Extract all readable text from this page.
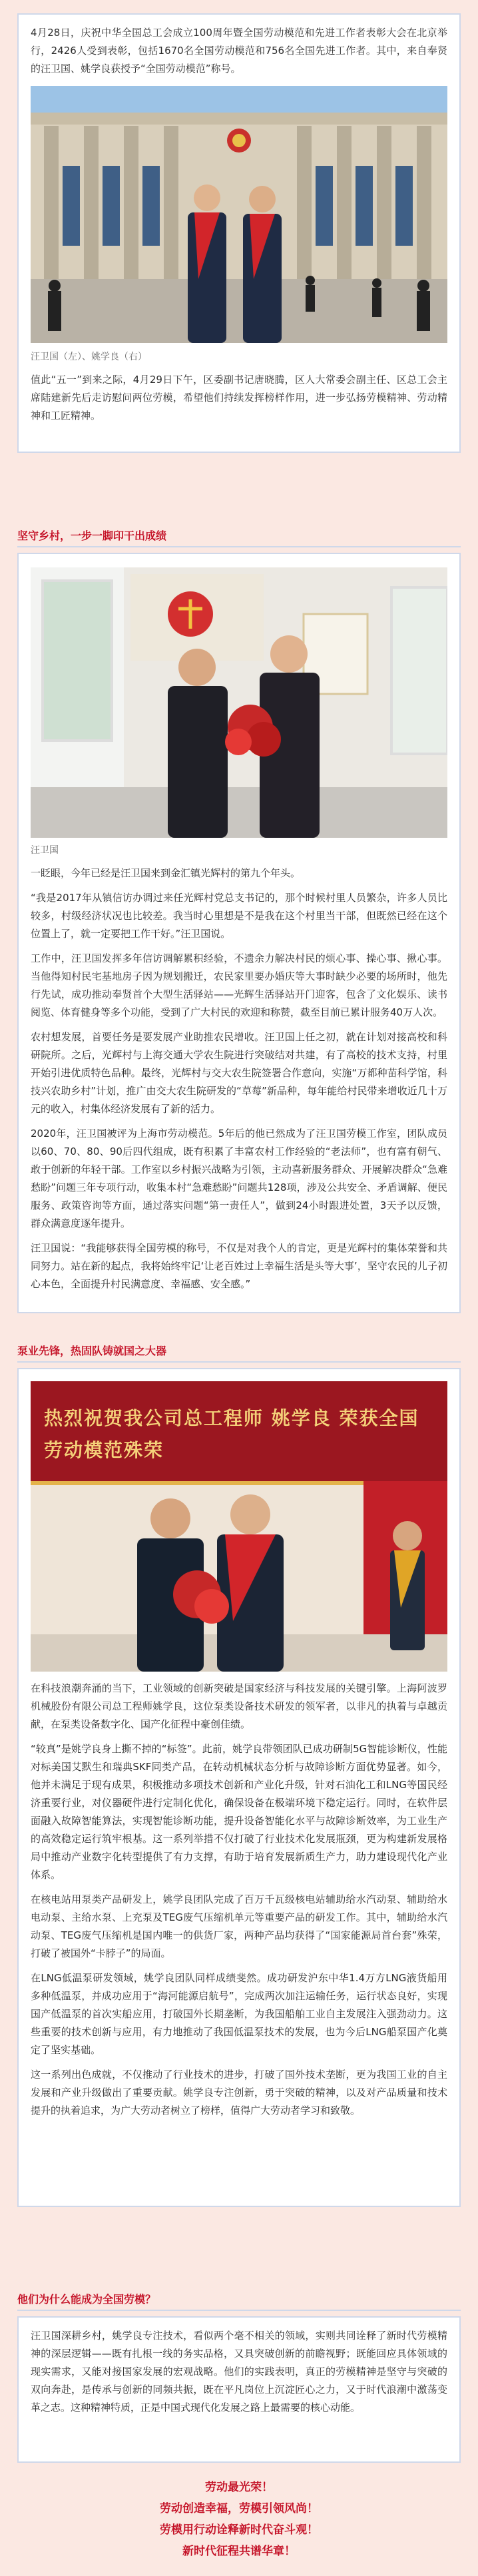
4月28日，庆祝中华全国总工会成立100周年暨全国劳动模范和先进工作者表彰大会在北京举行，2426人受到表彰，包括1670名全国劳动模范和756名全国先进工作者。其中，来自奉贤的汪卫国、姚学良获授予“全国劳动模范”称号。

汪卫国（左）、姚学良（右）

值此“五一”到来之际，4月29日下午，区委副书记唐晓腾，区人大常委会副主任、区总工会主席陆建新先后走访慰问两位劳模，希望他们持续发挥榜样作用，进一步弘扬劳模精神、劳动精神和工匠精神。

坚守乡村，一步一脚印干出成绩
汪卫国

一眨眼，今年已经是汪卫国来到金汇镇光辉村的第九个年头。

“我是2017年从镇信访办调过来任光辉村党总支书记的，那个时候村里人员繁杂，许多人员比较多，村级经济状况也比较差。我当时心里想是不是我在这个村里当干部，但既然已经在这个位置上了，就一定要把工作干好。”汪卫国说。

工作中，汪卫国发挥多年信访调解累积经验，不遗余力解决村民的烦心事、操心事、揪心事。当他得知村民宅基地房子因为规划搬迁，农民家里要办婚庆等大事时缺少必要的场所时，他先行先试，成功推动奉贤首个大型生活驿站——光辉生活驿站开门迎客，包含了文化娱乐、读书阅览、体育健身等多个功能，受到了广大村民的欢迎和称赞，截至目前已累计服务40万人次。

农村想发展，首要任务是要发展产业助推农民增收。汪卫国上任之初，就在计划对接高校和科研院所。之后，光辉村与上海交通大学农生院进行突破结对共建，有了高校的技术支持，村里开始引进优质特色品种。最终，光辉村与交大农生院签署合作意向，实施“万都种苗科学馆，科技兴农助乡村”计划，推广由交大农生院研发的“草莓”新品种，每年能给村民带来增收近几十万元的收入，村集体经济发展有了新的活力。

2020年，汪卫国被评为上海市劳动模范。5年后的他已然成为了汪卫国劳模工作室，团队成员以60、70、80、90后四代组成，既有积累了丰富农村工作经验的“老法师”，也有富有朝气、敢于创新的年轻干部。工作室以乡村振兴战略为引领，主动喜新服务群众、开展解决群众“急难愁盼”问题三年专项行动，收集本村“急难愁盼”问题共128项，涉及公共安全、矛盾调解、便民服务、政策咨询等方面，通过落实问题“第一责任人”，做到24小时跟进处置，3天予以反馈，群众满意度逐年提升。

汪卫国说：“我能够获得全国劳模的称号，不仅是对我个人的肯定，更是光辉村的集体荣誉和共同努力。站在新的起点，我将始终牢记‘让老百姓过上幸福生活是头等大事’，坚守农民的儿子初心本色，全面提升村民满意度、幸福感、安全感。”

泵业先锋，热固队铸就国之大器
热烈祝贺我公司总工程师 姚学良 荣获全国劳动模范殊荣

在科技浪潮奔涌的当下，工业领域的创新突破是国家经济与科技发展的关键引擎。上海阿波罗机械股份有限公司总工程师姚学良，这位泵类设备技术研发的领军者，以非凡的执着与卓越贡献，在泵类设备数字化、国产化征程中豪创佳绩。

“较真”是姚学良身上撕不掉的“标签”。此前，姚学良带领团队已成功研制5G智能诊断仪，性能对标美国艾默生和瑞典SKF同类产品，在转动机械状态分析与故障诊断方面优势显著。如今，他并未满足于现有成果，积极推动多项技术创新和产业化升级，针对石油化工和LNG等国民经济重要行业，对仪器硬件进行定制化优化，确保设备在极端环境下稳定运行。同时，在软件层面融入故障智能算法，实现智能诊断功能，提升设备智能化水平与故障诊断效率，为工业生产的高效稳定运行筑牢根基。这一系列举措不仅打破了行业技术化发展瓶颈，更为构建新发展格局中推动产业数字化转型提供了有力支撑，有助于培育发展新质生产力，助力建设现代化产业体系。

在核电站用泵类产品研发上，姚学良团队完成了百万千瓦级核电站辅助给水汽动泵、辅助给水电动泵、主给水泵、上充泵及TEG废气压缩机单元等重要产品的研发工作。其中，辅助给水汽动泵、TEG废气压缩机是国内唯一的供货厂家，两种产品均获得了“国家能源局首台套”殊荣，打破了被国外“卡脖子”的局面。

在LNG低温泵研发领域，姚学良团队同样成绩斐然。成功研发沪东中华1.4万方LNG液货船用多种低温泵，并成功应用于“海河能源启航号”，完成两次加注运输任务，运行状态良好，实现国产低温泵的首次实船应用，打破国外长期垄断，为我国船舶工业自主发展注入强劲动力。这些重要的技术创新与应用，有力地推动了我国低温泵技术的发展，也为今后LNG船泵国产化奠定了坚实基础。

这一系列出色成就，不仅推动了行业技术的进步，打破了国外技术垄断，更为我国工业的自主发展和产业升级做出了重要贡献。姚学良专注创新，勇于突破的精神，以及对产品质量和技术提升的执着追求，为广大劳动者树立了榜样，值得广大劳动者学习和致敬。

他们为什么能成为全国劳模？

汪卫国深耕乡村，姚学良专注技术，看似两个毫不相关的领域，实则共同诠释了新时代劳模精神的深层逻辑——既有扎根一线的务实品格，又具突破创新的前瞻视野；既能回应具体领域的现实需求，又能对接国家发展的宏观战略。他们的实践表明，真正的劳模精神是坚守与突破的双向奔赴，是传承与创新的同频共振，既在平凡岗位上沉淀匠心之力，又于时代浪潮中激荡变革之志。这种精神特质，正是中国式现代化发展之路上最需要的核心动能。

劳动最光荣！
劳动创造幸福，劳模引领风尚！
劳模用行动诠释新时代奋斗观！
新时代征程共谱华章！
